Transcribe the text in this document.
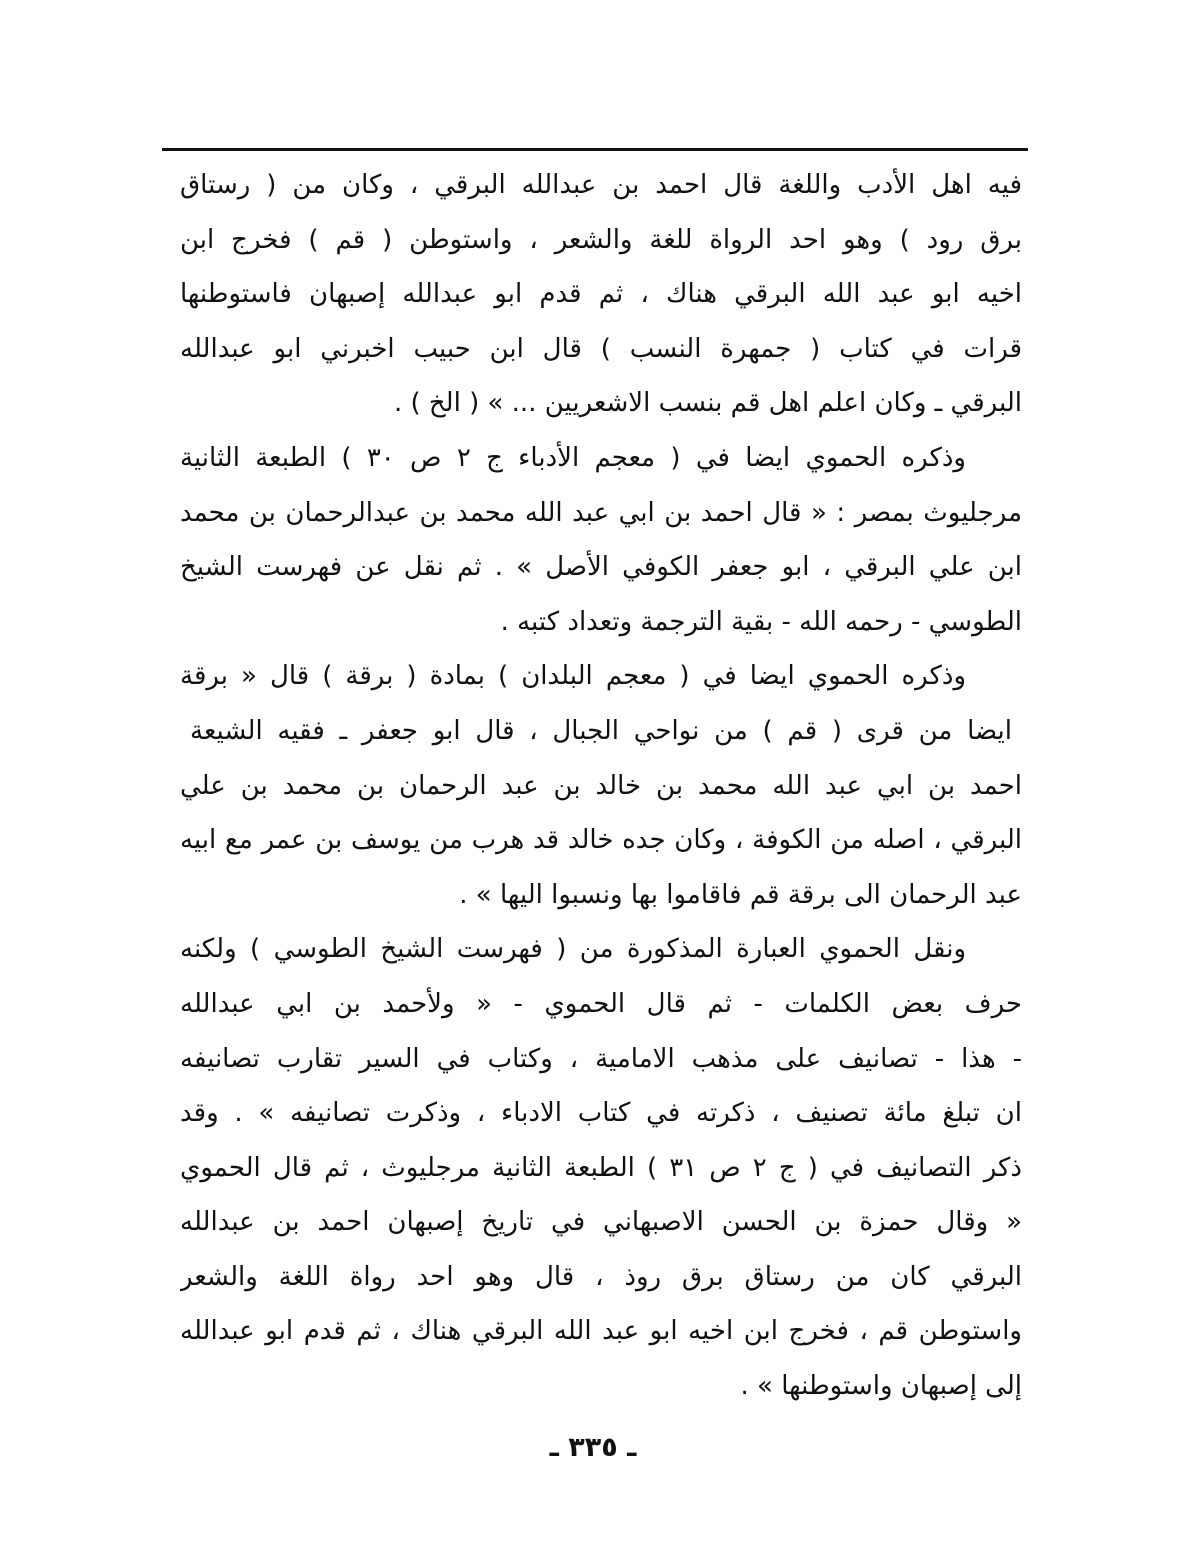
فيه اهل الأدب واللغة قال احمد بن عبدالله البرقي ، وكان من ( رستاق
برق رود ) وهو احد الرواة للغة والشعر ، واستوطن ( قم ) فخرج ابن
اخيه ابو عبد الله البرقي هناك ، ثم قدم ابو عبدالله إصبهان فاستوطنها
قرات في كتاب ( جمهرة النسب ) قال ابن حبيب اخبرني ابو عبدالله
البرقي ـ وكان اعلم اهل قم بنسب الاشعريين ... » ( الخ ) .
وذكره الحموي ايضا في ( معجم الأدباء ج ٢ ص ٣٠ ) الطبعة الثانية
مرجليوث بمصر : « قال احمد بن ابي عبد الله محمد بن عبدالرحمان بن محمد
ابن علي البرقي ، ابو جعفر الكوفي الأصل » . ثم نقل عن فهرست الشيخ
الطوسي - رحمه الله - بقية الترجمة وتعداد كتبه .
وذكره الحموي ايضا في ( معجم البلدان ) بمادة ( برقة ) قال « برقة
ايضا من قرى ( قم ) من نواحي الجبال ، قال ابو جعفر ـ فقيه الشيعة
احمد بن ابي عبد الله محمد بن خالد بن عبد الرحمان بن محمد بن علي
البرقي ، اصله من الكوفة ، وكان جده خالد قد هرب من يوسف بن عمر مع ابيه
عبد الرحمان الى برقة قم فاقاموا بها ونسبوا اليها » .
ونقل الحموي العبارة المذكورة من ( فهرست الشيخ الطوسي ) ولكنه
حرف بعض الكلمات - ثم قال الحموي - « ولأحمد بن ابي عبدالله
- هذا - تصانيف على مذهب الامامية ، وكتاب في السير تقارب تصانيفه
ان تبلغ مائة تصنيف ، ذكرته في كتاب الادباء ، وذكرت تصانيفه » . وقد
ذكر التصانيف في ( ج ٢ ص ٣١ ) الطبعة الثانية مرجليوث ، ثم قال الحموي
« وقال حمزة بن الحسن الاصبهاني في تاريخ إصبهان احمد بن عبدالله
البرقي كان من رستاق برق روذ ، قال وهو احد رواة اللغة والشعر
واستوطن قم ، فخرج ابن اخيه ابو عبد الله البرقي هناك ، ثم قدم ابو عبدالله
إلى إصبهان واستوطنها » .
ـ ٣٣٥ ـ
